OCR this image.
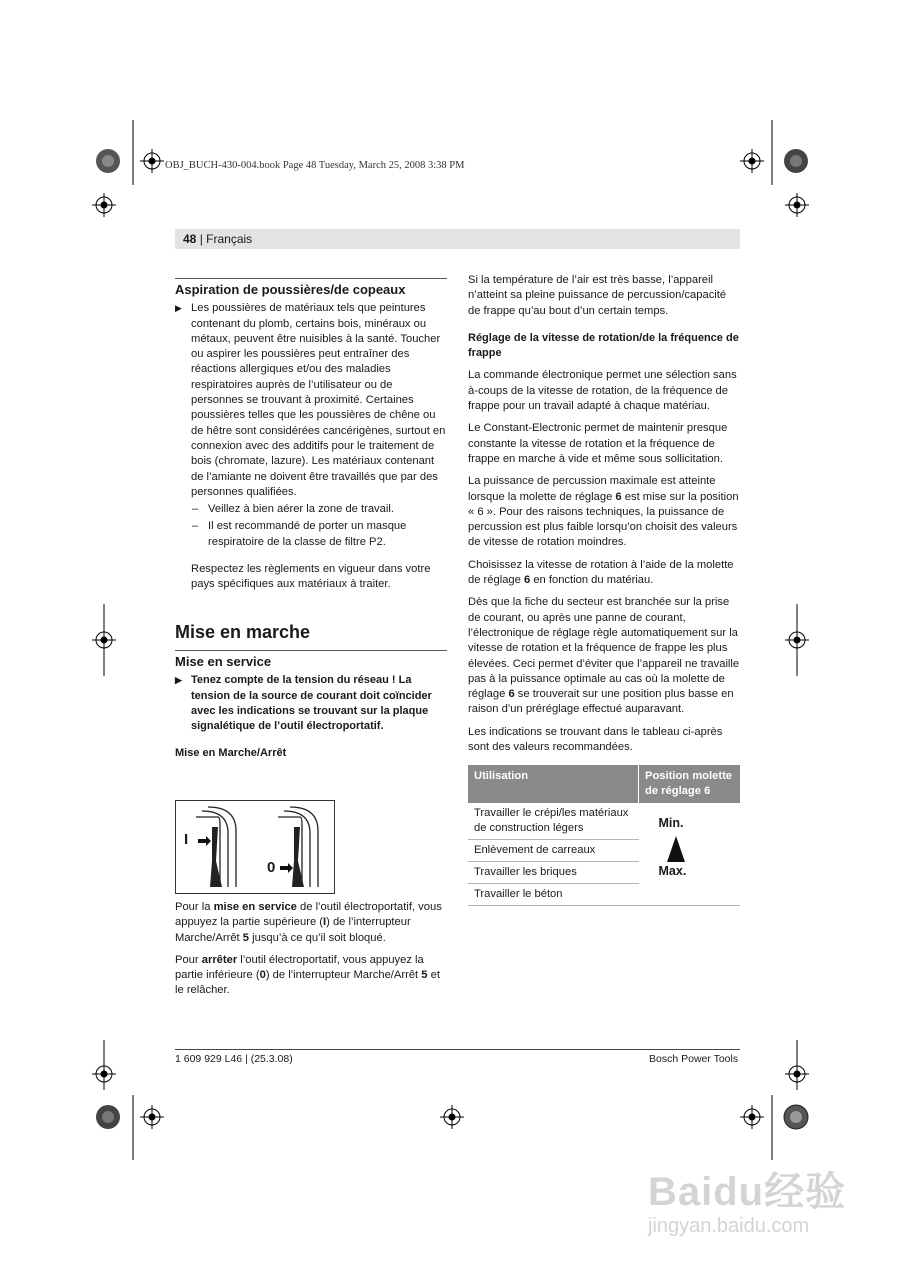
OBJ_BUCH-430-004.book Page 48 Tuesday, March 25, 2008 3:38 PM
48 | Français
Aspiration de poussières/de copeaux
▶ Les poussières de matériaux tels que peintures contenant du plomb, certains bois, minéraux ou métaux, peuvent être nuisibles à la santé. Toucher ou aspirer les poussières peut entraîner des réactions allergiques et/ou des maladies respiratoires auprès de l’utilisateur ou de personnes se trouvant à proximité. Certaines poussières telles que les poussières de chêne ou de hêtre sont considérées cancérigènes, surtout en connexion avec des additifs pour le traitement de bois (chromate, lazure). Les matériaux contenant de l’amiante ne doivent être travaillés que par des personnes qualifiées.
– Veillez à bien aérer la zone de travail.
– Il est recommandé de porter un masque respiratoire de la classe de filtre P2.

Respectez les règlements en vigueur dans votre pays spécifiques aux matériaux à traiter.

Mise en marche
Mise en service
▶ Tenez compte de la tension du réseau ! La tension de la source de courant doit coïncider avec les indications se trouvant sur la plaque signalétique de l’outil électroportatif.

Mise en Marche/Arrêt

I
0

Pour la mise en service de l’outil électroportatif, vous appuyez la partie supérieure (I) de l’interrupteur Marche/Arrêt 5 jusqu’à ce qu’il soit bloqué.

Pour arrêter l’outil électroportatif, vous appuyez la partie inférieure (0) de l’interrupteur Marche/Arrêt 5 et le relâcher.

Si la température de l’air est très basse, l’appareil n’atteint sa pleine puissance de percussion/capacité de frappe qu’au bout d’un certain temps.

Réglage de la vitesse de rotation/de la fréquence de frappe

La commande électronique permet une sélection sans à-coups de la vitesse de rotation, de la fréquence de frappe pour un travail adapté à chaque matériau.

Le Constant-Electronic permet de maintenir presque constante la vitesse de rotation et la fréquence de frappe en marche à vide et même sous sollicitation.

La puissance de percussion maximale est atteinte lorsque la molette de réglage 6 est mise sur la position « 6 ». Pour des raisons techniques, la puissance de percussion est plus faible lorsqu’on choisit des valeurs de vitesse de rotation moindres.

Choisissez la vitesse de rotation à l’aide de la molette de réglage 6 en fonction du matériau.

Dès que la fiche du secteur est branchée sur la prise de courant, ou après une panne de courant, l’électronique de réglage règle automatiquement sur la vitesse de rotation et la fréquence de frappe les plus élevées. Ceci permet d’éviter que l’appareil ne travaille pas à la puissance optimale au cas où la molette de réglage 6 se trouverait sur une position plus basse en raison d’un préréglage effectué auparavant.

Les indications se trouvant dans le tableau ci-après sont des valeurs recommandées.

Utilisation	Position molette de réglage 6
Travailler le crépi/les matériaux de construction légers	Min.
Max.

Enlèvement de carreaux	
Travailler les briques	
Travailler le béton	
1 609 929 L46 | (25.3.08)	Bosch Power Tools
Baidu经验
jingyan.baidu.com
